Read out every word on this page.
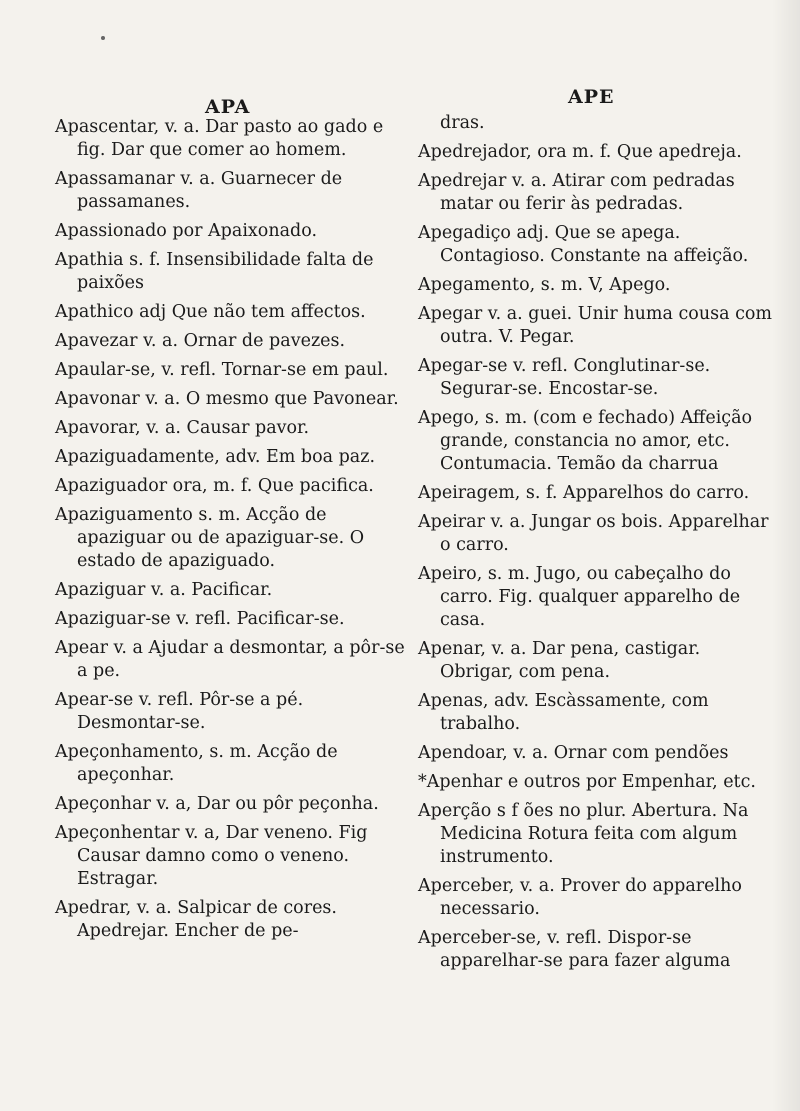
APA
Apascentar, v. a. Dar pasto ao gado e fig. Dar que comer ao homem.
Apassamanar v. a. Guarnecer de passamanes.
Apassionado por Apaixonado.
Apathia s. f. Insensibilidade falta de paixões
Apathico adj Que não tem affectos.
Apavezar v. a. Ornar de pavezes.
Apaular-se, v. refl. Tornar-se em paul.
Apavonar v. a. O mesmo que Pavonear.
Apavorar, v. a. Causar pavor.
Apaziguadamente, adv. Em boa paz.
Apaziguador ora, m. f. Que pacifica.
Apaziguamento s. m. Acção de apaziguar ou de apaziguar-se. O estado de apaziguado.
Apaziguar v. a. Pacificar.
Apaziguar-se v. refl. Pacificar-se.
Apear v. a Ajudar a desmontar, a pôr-se a pe.
Apear-se v. refl. Pôr-se a pé. Desmontar-se.
Apeçonhamento, s. m. Acção de apeçonhar.
Apeçonhar v. a, Dar ou pôr peçonha.
Apeçonhentar v. a, Dar veneno. Fig Causar damno como o veneno. Estragar.
Apedrar, v. a. Salpicar de cores. Apedrejar. Encher de pe-
APE
dras.
Apedrejador, ora m. f. Que apedreja.
Apedrejar v. a. Atirar com pedradas matar ou ferir às pedradas.
Apegadiço adj. Que se apega. Contagioso. Constante na affeição.
Apegamento, s. m. V, Apego.
Apegar v. a. guei. Unir huma cousa com outra. V. Pegar.
Apegar-se v. refl. Conglutinar-se. Segurar-se. Encostar-se.
Apego, s. m. (com e fechado) Affeição grande, constancia no amor, etc. Contumacia. Temão da charrua
Apeiragem, s. f. Apparelhos do carro.
Apeirar v. a. Jungar os bois. Apparelhar o carro.
Apeiro, s. m. Jugo, ou cabeçalho do carro. Fig. qualquer apparelho de casa.
Apenar, v. a. Dar pena, castigar. Obrigar, com pena.
Apenas, adv. Escàssamente, com trabalho.
Apendoar, v. a. Ornar com pendões
*Apenhar e outros por Empenhar, etc.
Aperção s f ões no plur. Abertura. Na Medicina Rotura feita com algum instrumento.
Aperceber, v. a. Prover do apparelho necessario.
Aperceber-se, v. refl. Dispor-se apparelhar-se para fazer alguma
